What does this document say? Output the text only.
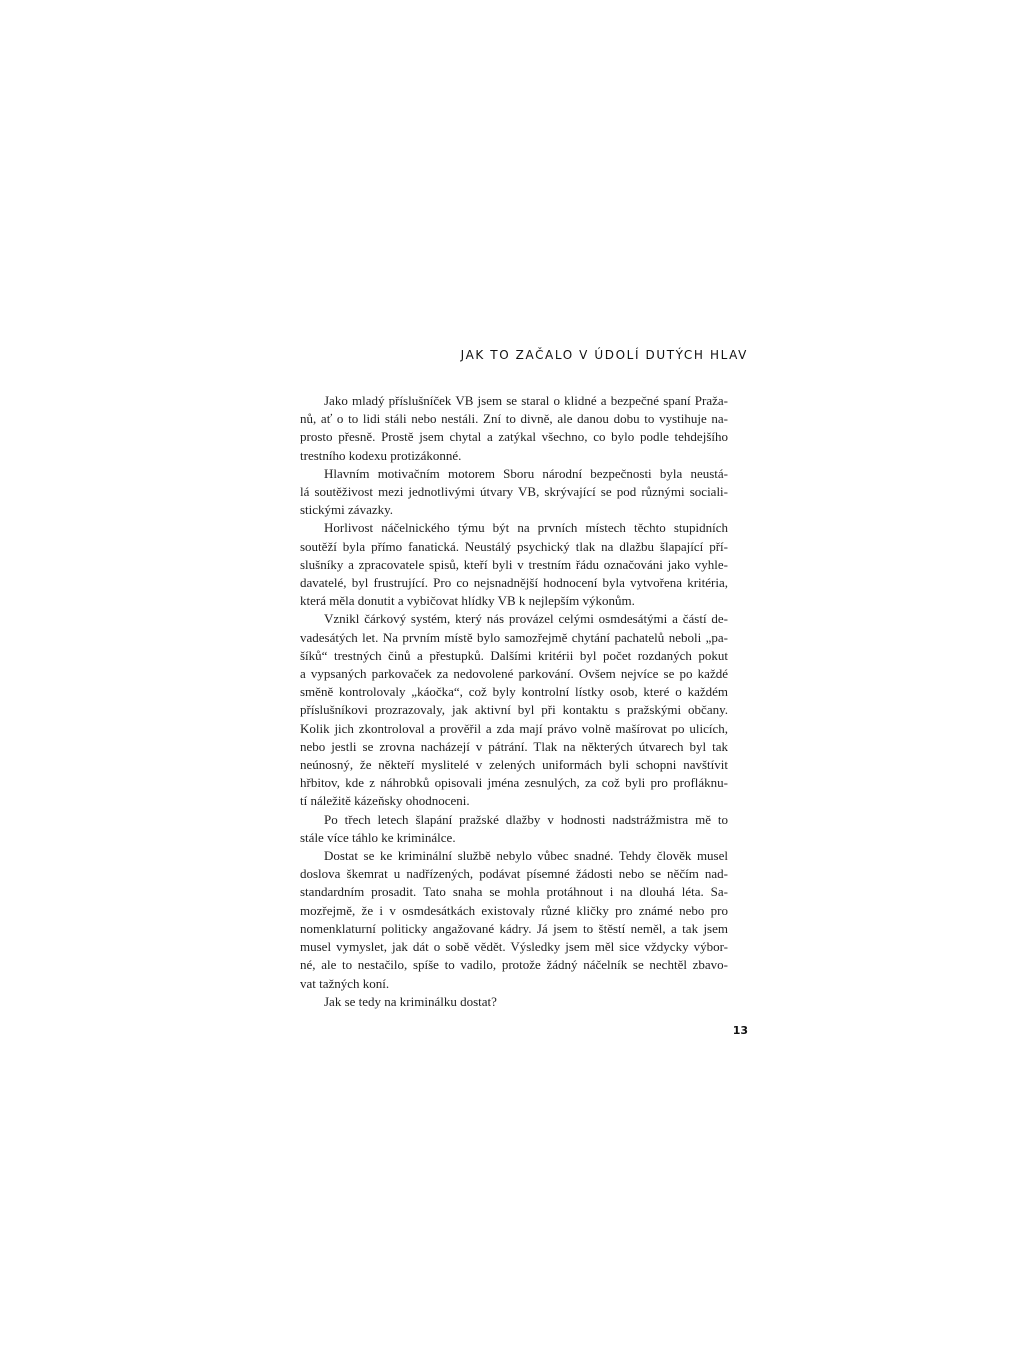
JAK TO ZAČALO V ÚDOLÍ DUTÝCH HLAV
Jako mladý příslušníček VB jsem se staral o klidné a bezpečné spaní Praža-
nů, ať o to lidi stáli nebo nestáli. Zní to divně, ale danou dobu to vystihuje na-
prosto přesně. Prostě jsem chytal a zatýkal všechno, co bylo podle tehdejšího
trestního kodexu protizákonné.
Hlavním motivačním motorem Sboru národní bezpečnosti byla neustá-
lá soutěživost mezi jednotlivými útvary VB, skrývající se pod různými sociali-
stickými závazky.
Horlivost náčelnického týmu být na prvních místech těchto stupidních
soutěží byla přímo fanatická. Neustálý psychický tlak na dlažbu šlapající pří-
slušníky a zpracovatele spisů, kteří byli v trestním řádu označováni jako vyhle-
davatelé, byl frustrující. Pro co nejsnadnější hodnocení byla vytvořena kritéria,
která měla donutit a vybičovat hlídky VB k nejlepším výkonům.
Vznikl čárkový systém, který nás provázel celými osmdesátými a částí de-
vadesátých let. Na prvním místě bylo samozřejmě chytání pachatelů neboli „pa-
šíků“ trestných činů a přestupků. Dalšími kritérii byl počet rozdaných pokut
a vypsaných parkovaček za nedovolené parkování. Ovšem nejvíce se po každé
směně kontrolovaly „káočka“, což byly kontrolní lístky osob, které o každém
příslušníkovi prozrazovaly, jak aktivní byl při kontaktu s pražskými občany.
Kolik jich zkontroloval a prověřil a zda mají právo volně mašírovat po ulicích,
nebo jestli se zrovna nacházejí v pátrání. Tlak na některých útvarech byl tak
neúnosný, že někteří myslitelé v zelených uniformách byli schopni navštívit
hřbitov, kde z náhrobků opisovali jména zesnulých, za což byli pro profláknu-
tí náležitě kázeňsky ohodnoceni.
Po třech letech šlapání pražské dlažby v hodnosti nadstrážmistra mě to
stále více táhlo ke kriminálce.
Dostat se ke kriminální službě nebylo vůbec snadné. Tehdy člověk musel
doslova škemrat u nadřízených, podávat písemné žádosti nebo se něčím nad-
standardním prosadit. Tato snaha se mohla protáhnout i na dlouhá léta. Sa-
mozřejmě, že i v osmdesátkách existovaly různé kličky pro známé nebo pro
nomenklaturní politicky angažované kádry. Já jsem to štěstí neměl, a tak jsem
musel vymyslet, jak dát o sobě vědět. Výsledky jsem měl sice vždycky výbor-
né, ale to nestačilo, spíše to vadilo, protože žádný náčelník se nechtěl zbavo-
vat tažných koní.
Jak se tedy na kriminálku dostat?
13
